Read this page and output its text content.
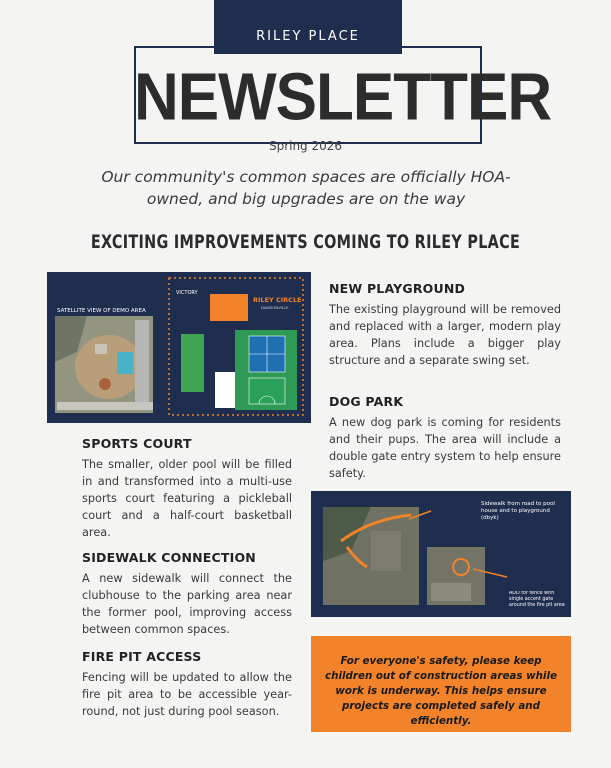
RILEY PLACE
NEWSLETTER
Spring 2026
Our community's common spaces are officially HOA-owned, and big upgrades are on the way
EXCITING IMPROVEMENTS COMING TO RILEY PLACE
SATELLITE VIEW OF DEMO AREA
VICTORY
RILEY CIRCLE
DAWSONVILLE
NEW PLAYGROUND
The existing playground will be removed and replaced with a larger, modern play area. Plans include a bigger play structure and a separate swing set.
DOG PARK
A new dog park is coming for residents and their pups. The area will include a double gate entry system to help ensure safety.
SPORTS COURT
The smaller, older pool will be filled in and transformed into a multi-use sports court featuring a pickleball court and a half-court basketball area.
SIDEWALK CONNECTION
A new sidewalk will connect the clubhouse to the parking area near the former pool, improving access between common spaces.
FIRE PIT ACCESS
Fencing will be updated to allow the fire pit area to be accessible year-round, not just during pool season.
Sidewalk from road to pool house and to playground (dbyk)
ADD for fence with single accent gate around the fire pit area
For everyone's safety, please keep children out of construction areas while work is underway. This helps ensure projects are completed safely and efficiently.
